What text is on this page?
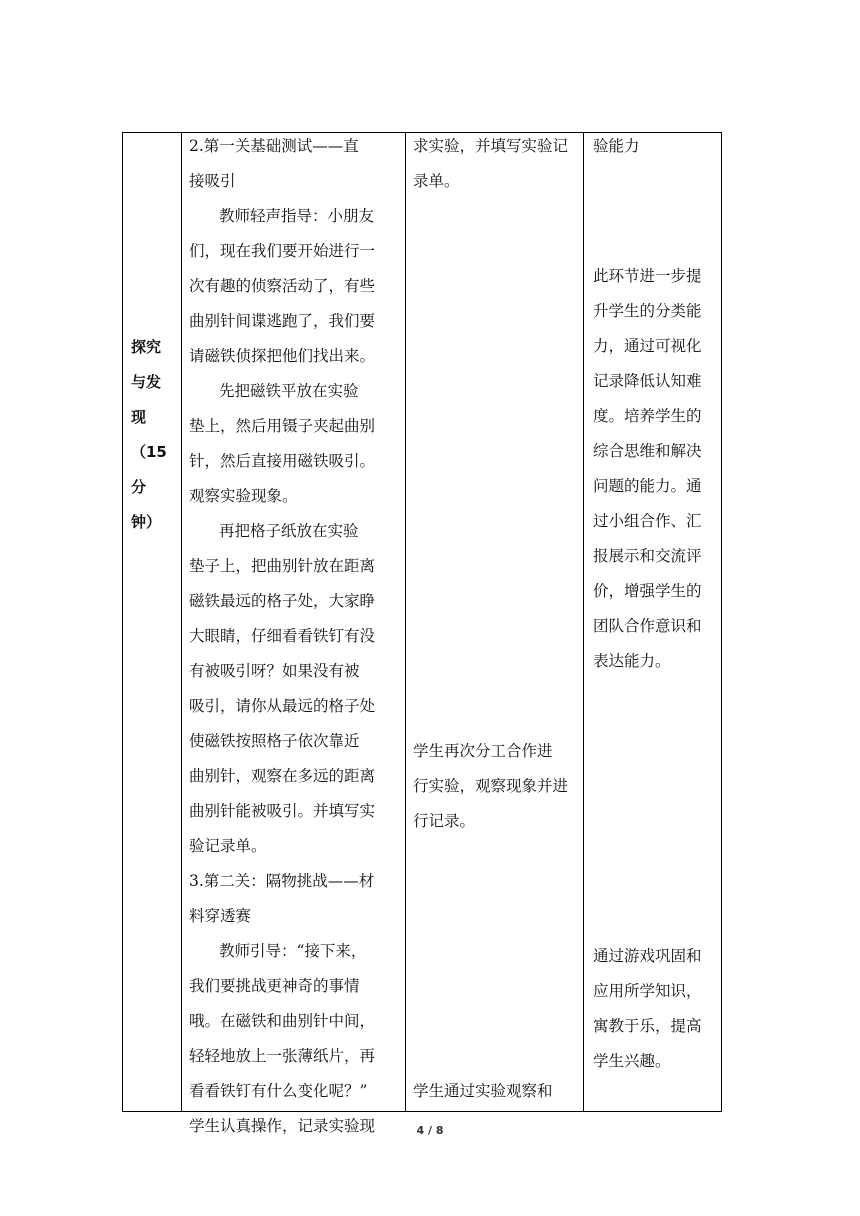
探究
与发
现
（15
分
钟）
2.第一关基础测试——直
接吸引
教师轻声指导：小朋友
们，现在我们要开始进行一
次有趣的侦察活动了，有些
曲别针间谍逃跑了，我们要
请磁铁侦探把他们找出来。
先把磁铁平放在实验
垫上，然后用镊子夹起曲别
针，然后直接用磁铁吸引。
观察实验现象。
再把格子纸放在实验
垫子上，把曲别针放在距离
磁铁最远的格子处，大家睁
大眼睛，仔细看看铁钉有没
有被吸引呀？如果没有被
吸引，请你从最远的格子处
使磁铁按照格子依次靠近
曲别针，观察在多远的距离
曲别针能被吸引。并填写实
验记录单。
3.第二关：隔物挑战——材
料穿透赛
教师引导：“接下来，
我们要挑战更神奇的事情
哦。在磁铁和曲别针中间，
轻轻地放上一张薄纸片，再
看看铁钉有什么变化呢？”
学生认真操作，记录实验现
求实验，并填写实验记
录单。
学生再次分工合作进
行实验，观察现象并进
行记录。
学生通过实验观察和
验能力
此环节进一步提
升学生的分类能
力，通过可视化
记录降低认知难
度。培养学生的
综合思维和解决
问题的能力。通
过小组合作、汇
报展示和交流评
价，增强学生的
团队合作意识和
表达能力。
通过游戏巩固和
应用所学知识，
寓教于乐，提高
学生兴趣。
4 / 8
